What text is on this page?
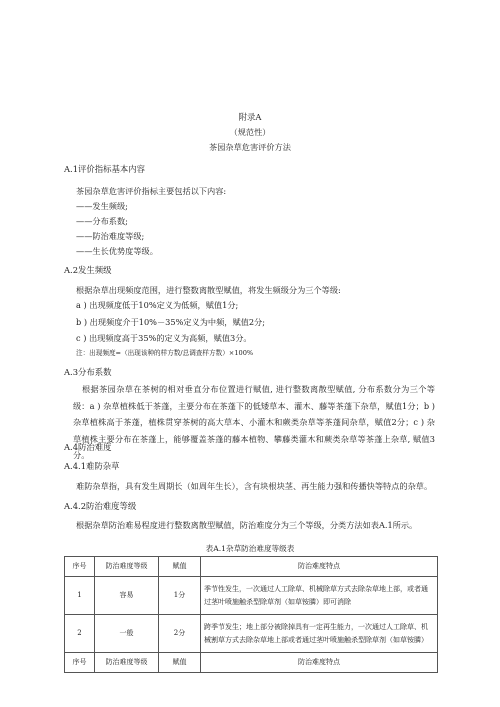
附录A
（规范性）
茶园杂草危害评价方法
A.1评价指标基本内容
茶园杂草危害评价指标主要包括以下内容:
——发生频级;
——分布系数;
——防治难度等级;
——生长优势度等级。
A.2发生频级
根据杂草出现频度范围，进行整数离散型赋值，将发生频级分为三个等级:
a ) 出现频度低于10%定义为低频，赋值1分;
b ) 出现频度介于10%－35%定义为中频，赋值2分;
c ) 出现频度高于35%的定义为高频，赋值3分。
注：出现频度=（出现该种的样方数/总调查样方数）×100%
A.3分布系数
根据茶园杂草在茶树的相对垂直分布位置进行赋值, 进行整数离散型赋值, 分布系数分为三个等级：a ) 杂草植株低于茶蓬，主要分布在茶蓬下的低矮草本、灌木、藤等茶蓬下杂草，赋值1分；b ) 杂草植株高于茶蓬，植株贯穿茶树的高大草本、小灌木和蕨类杂草等茶蓬间杂草，赋值2分；c ) 杂草植株主要分布在茶蓬上，能够覆盖茶蓬的藤本植物、攀藤类灌木和蕨类杂草等茶蓬上杂草, 赋值3分。
A.4防治难度
A.4.1难防杂草
难防杂草指，具有发生周期长（如周年生长），含有块根块茎、再生能力强和传播快等特点的杂草。
A.4.2防治难度等级
根据杂草防治难易程度进行整数离散型赋值，防治难度分为三个等级，分类方法如表A.1所示。
表A.1杂草防治难度等级表
序号	防治难度等级	赋值	防治难度特点
1	容易	1分	季节性发生，一次通过人工除草、机械除草方式去除杂草地上部，或者通过茎叶喷施触杀型除草剂（如草铵膦）即可消除
2	一般	2分	跨季节发生；地上部分被除掉具有一定再生能力，一次通过人工除草、机械割草方式去除杂草地上部或者通过茎叶喷施触杀型除草剂（如草铵膦）
序号	防治难度等级	赋值	防治难度特点
